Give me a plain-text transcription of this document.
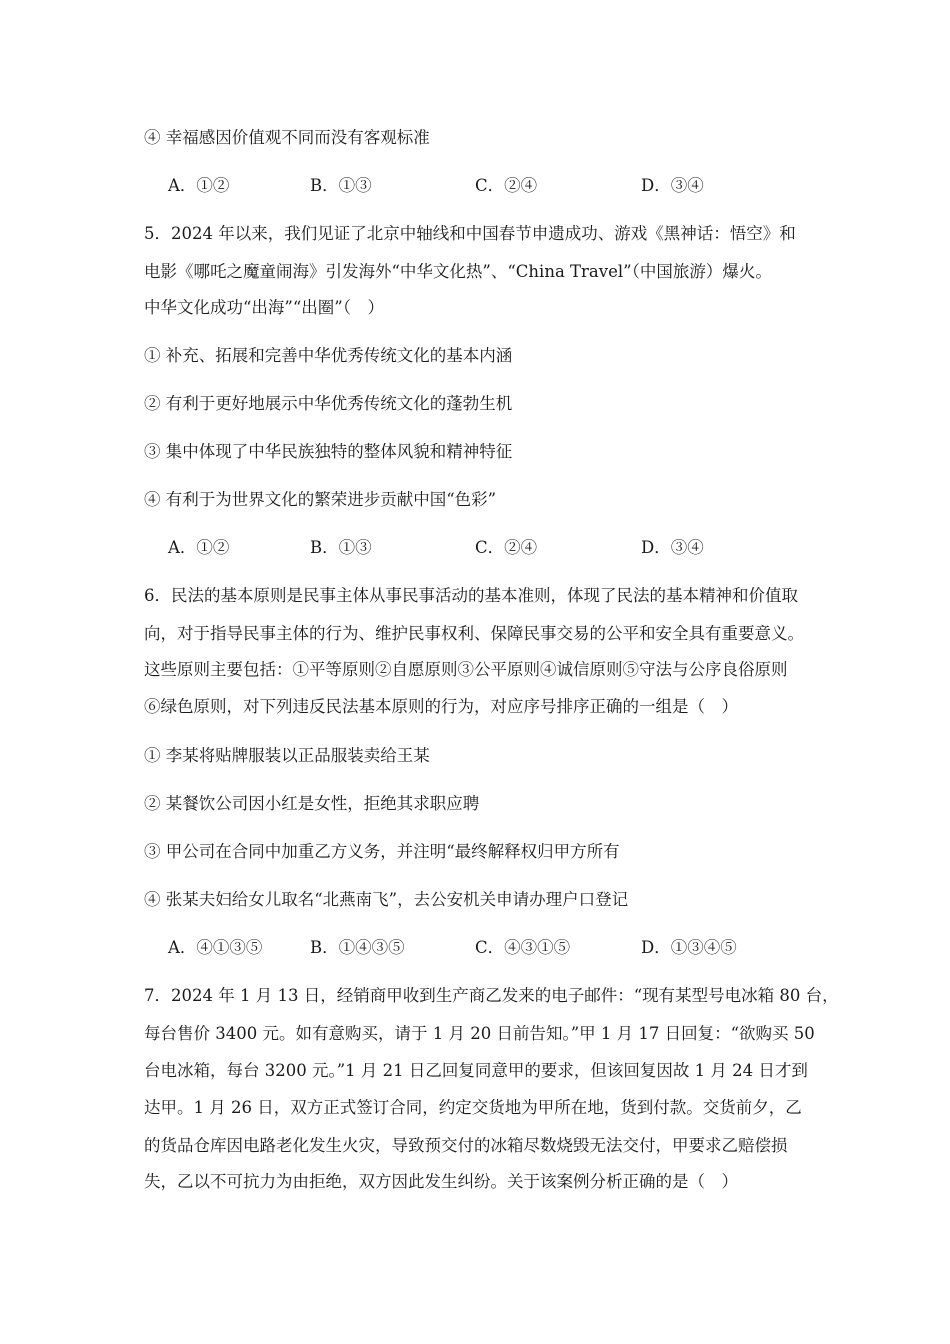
④ 幸福感因价值观不同而没有客观标准
A．①②	B．①③	C．②④	D．③④
5．2024 年以来，我们见证了北京中轴线和中国春节申遗成功、游戏《黑神话：悟空》和
电影《哪吒之魔童闹海》引发海外“中华文化热”、“China Travel”（中国旅游）爆火。
中华文化成功“出海”“出圈”（　）
① 补充、拓展和完善中华优秀传统文化的基本内涵
② 有利于更好地展示中华优秀传统文化的蓬勃生机
③ 集中体现了中华民族独特的整体风貌和精神特征
④ 有利于为世界文化的繁荣进步贡献中国“色彩”
A．①②	B．①③	C．②④	D．③④
6．民法的基本原则是民事主体从事民事活动的基本准则，体现了民法的基本精神和价值取
向，对于指导民事主体的行为、维护民事权利、保障民事交易的公平和安全具有重要意义。
这些原则主要包括：①平等原则②自愿原则③公平原则④诚信原则⑤守法与公序良俗原则
⑥绿色原则，对下列违反民法基本原则的行为，对应序号排序正确的一组是（　）
① 李某将贴牌服装以正品服装卖给王某
② 某餐饮公司因小红是女性，拒绝其求职应聘
③ 甲公司在合同中加重乙方义务，并注明“最终解释权归甲方所有
④ 张某夫妇给女儿取名“北燕南飞”，去公安机关申请办理户口登记
A．④①③⑤	B．①④③⑤	C．④③①⑤	D．①③④⑤
7．2024 年 1 月 13 日，经销商甲收到生产商乙发来的电子邮件：“现有某型号电冰箱 80 台，
每台售价 3400 元。如有意购买，请于 1 月 20 日前告知。”甲 1 月 17 日回复：“欲购买 50
台电冰箱，每台 3200 元。”1 月 21 日乙回复同意甲的要求，但该回复因故 1 月 24 日才到
达甲。1 月 26 日，双方正式签订合同，约定交货地为甲所在地，货到付款。交货前夕，乙
的货品仓库因电路老化发生火灾，导致预交付的冰箱尽数烧毁无法交付，甲要求乙赔偿损
失，乙以不可抗力为由拒绝，双方因此发生纠纷。关于该案例分析正确的是（　）
